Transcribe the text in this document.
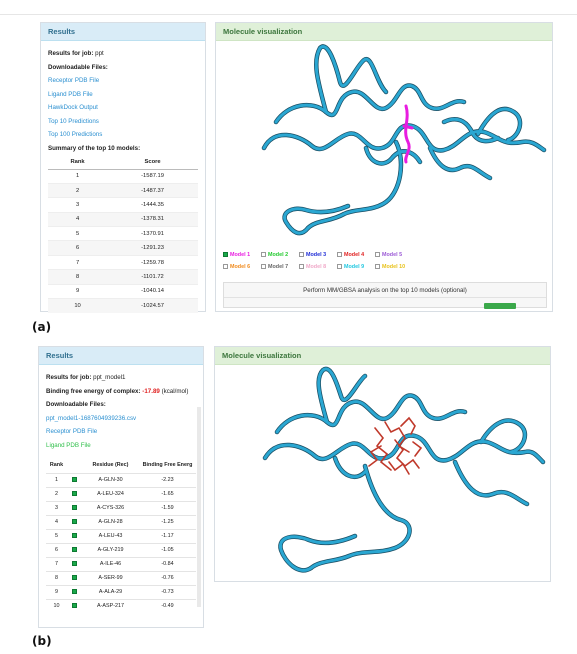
Results
Results for job: ppt
Downloadable Files:
Receptor PDB File
Ligand PDB File
HawkDock Output
Top 10 Predictions
Top 100 Predictions
Summary of the top 10 models:
Rank	Score
1	-1587.19
2	-1487.37
3	-1444.35
4	-1378.31
5	-1370.91
6	-1291.23
7	-1259.78
8	-1101.72
9	-1040.14
10	-1024.57
Molecule visualization
Model 1	Model 2	Model 3	Model 4	Model 5
Model 6	Model 7	Model 8	Model 9	Model 10
Perform MM/GBSA analysis on the top 10 models (optional)
(a)
Results
Results for job: ppt_model1
Binding free energy of complex: -17.89 (kcal/mol)
Downloadable Files:
ppt_model1-1687604939236.csv
Receptor PDB File
Ligand PDB File
Rank		Residue (Rec)	Binding Free Energ
1		A-GLN-30	-2.23
2		A-LEU-324	-1.65
3		A-CYS-326	-1.59
4		A-GLN-28	-1.25
5		A-LEU-43	-1.17
6		A-GLY-219	-1.05
7		A-ILE-46	-0.84
8		A-SER-99	-0.76
9		A-ALA-29	-0.73
10		A-ASP-217	-0.49
Molecule visualization
(b)
